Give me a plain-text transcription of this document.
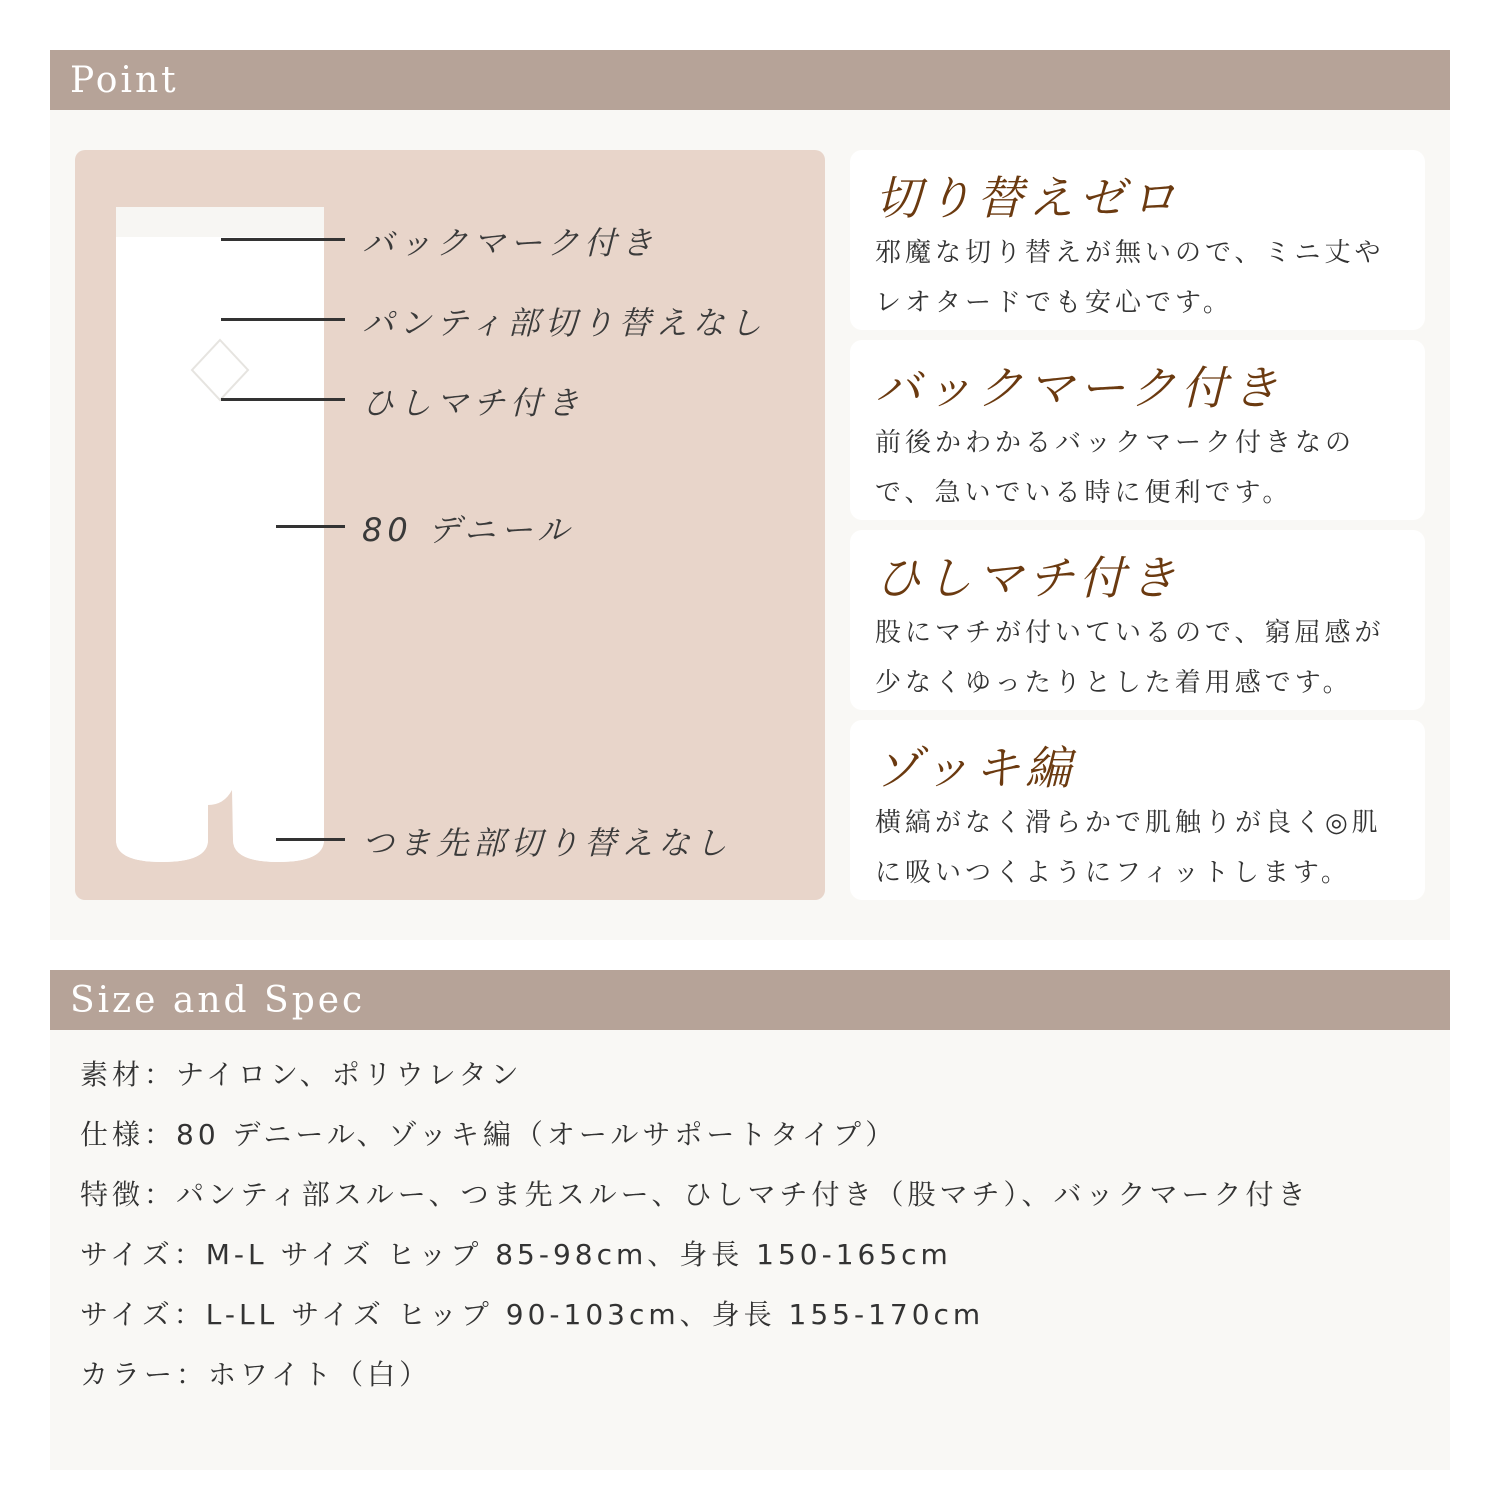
Point
バックマーク付き
パンティ部切り替えなし
ひしマチ付き
80 デニール
つま先部切り替えなし
切り替えゼロ
邪魔な切り替えが無いので、ミニ丈やレオタードでも安心です。
バックマーク付き
前後かわかるバックマーク付きなので、急いでいる時に便利です。
ひしマチ付き
股にマチが付いているので、窮屈感が少なくゆったりとした着用感です。
ゾッキ編
横縞がなく滑らかで肌触りが良く◎肌に吸いつくようにフィットします。
Size and Spec
素材：ナイロン、ポリウレタン
仕様：80 デニール、ゾッキ編（オールサポートタイプ）
特徴：パンティ部スルー、つま先スルー、ひしマチ付き（股マチ）、バックマーク付き
サイズ：M-L サイズ ヒップ 85-98cm、身長 150-165cm
サイズ：L-LL サイズ ヒップ 90-103cm、身長 155-170cm
カラー：ホワイト（白）
